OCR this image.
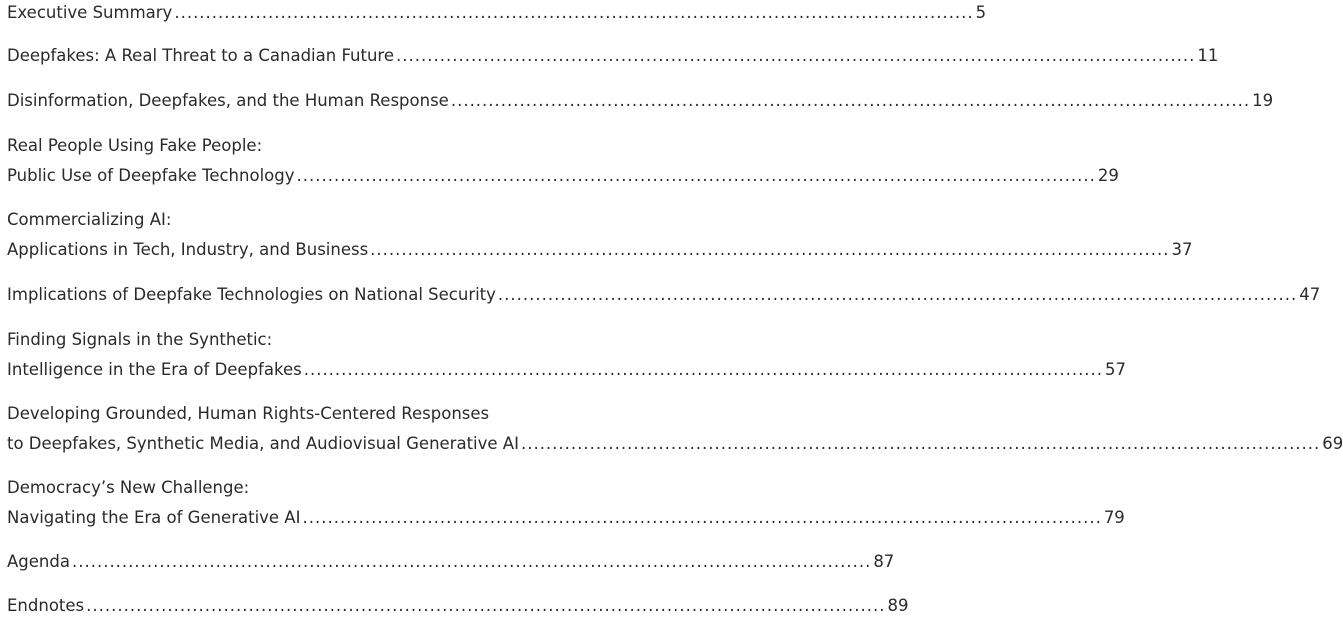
Executive Summary ................................................................................................................................ 5
Deepfakes: A Real Threat to a Canadian Future ................................................................................................................................ 11
Disinformation, Deepfakes, and the Human Response ................................................................................................................................ 19
Real People Using Fake People:
Public Use of Deepfake Technology ................................................................................................................................ 29
Commercializing AI:
Applications in Tech, Industry, and Business ................................................................................................................................ 37
Implications of Deepfake Technologies on National Security ................................................................................................................................ 47
Finding Signals in the Synthetic:
Intelligence in the Era of Deepfakes ................................................................................................................................ 57
Developing Grounded, Human Rights-Centered Responses
to Deepfakes, Synthetic Media, and Audiovisual Generative AI ................................................................................................................................ 69
Democracy’s New Challenge:
Navigating the Era of Generative AI ................................................................................................................................ 79
Agenda ................................................................................................................................ 87
Endnotes ................................................................................................................................ 89
